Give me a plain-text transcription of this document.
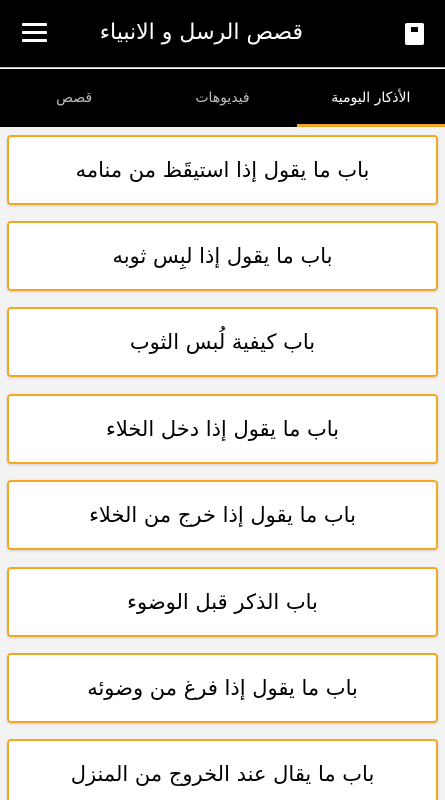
قصص الرسل و الانبياء
قصص	فيديوهات	الأذكار اليومية
باب ما يقول إذا استيقَظ من منامه
باب ما يقول إذا لبِس ثوبه
باب كيفية لُبس الثوب
باب ما يقول إذا دخل الخلاء
باب ما يقول إذا خرج من الخلاء
باب الذكر قبل الوضوء
باب ما يقول إذا فرغ من وضوئه
باب ما يقال عند الخروج من المنزل
